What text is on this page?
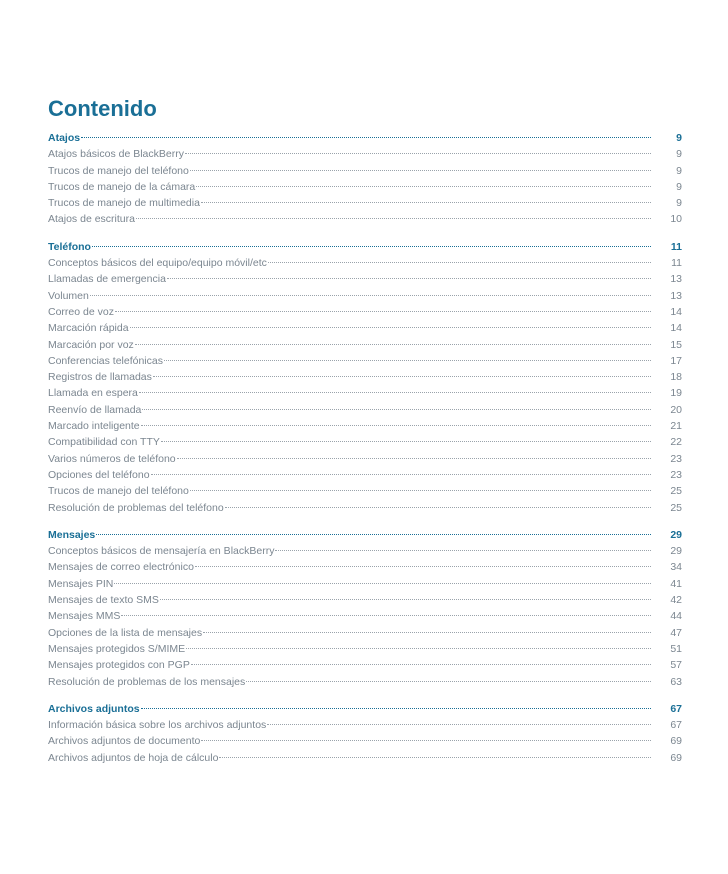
Contenido
Atajos	9
Atajos básicos de BlackBerry	9
Trucos de manejo del teléfono	9
Trucos de manejo de la cámara	9
Trucos de manejo de multimedia	9
Atajos de escritura	10
Teléfono	11
Conceptos básicos del equipo/equipo móvil/etc	11
Llamadas de emergencia	13
Volumen	13
Correo de voz	14
Marcación rápida	14
Marcación por voz	15
Conferencias telefónicas	17
Registros de llamadas	18
Llamada en espera	19
Reenvío de llamada	20
Marcado inteligente	21
Compatibilidad con TTY	22
Varios números de teléfono	23
Opciones del teléfono	23
Trucos de manejo del teléfono	25
Resolución de problemas del teléfono	25
Mensajes	29
Conceptos básicos de mensajería en BlackBerry	29
Mensajes de correo electrónico	34
Mensajes PIN	41
Mensajes de texto SMS	42
Mensajes MMS	44
Opciones de la lista de mensajes	47
Mensajes protegidos S/MIME	51
Mensajes protegidos con PGP	57
Resolución de problemas de los mensajes	63
Archivos adjuntos	67
Información básica sobre los archivos adjuntos	67
Archivos adjuntos de documento	69
Archivos adjuntos de hoja de cálculo	69
